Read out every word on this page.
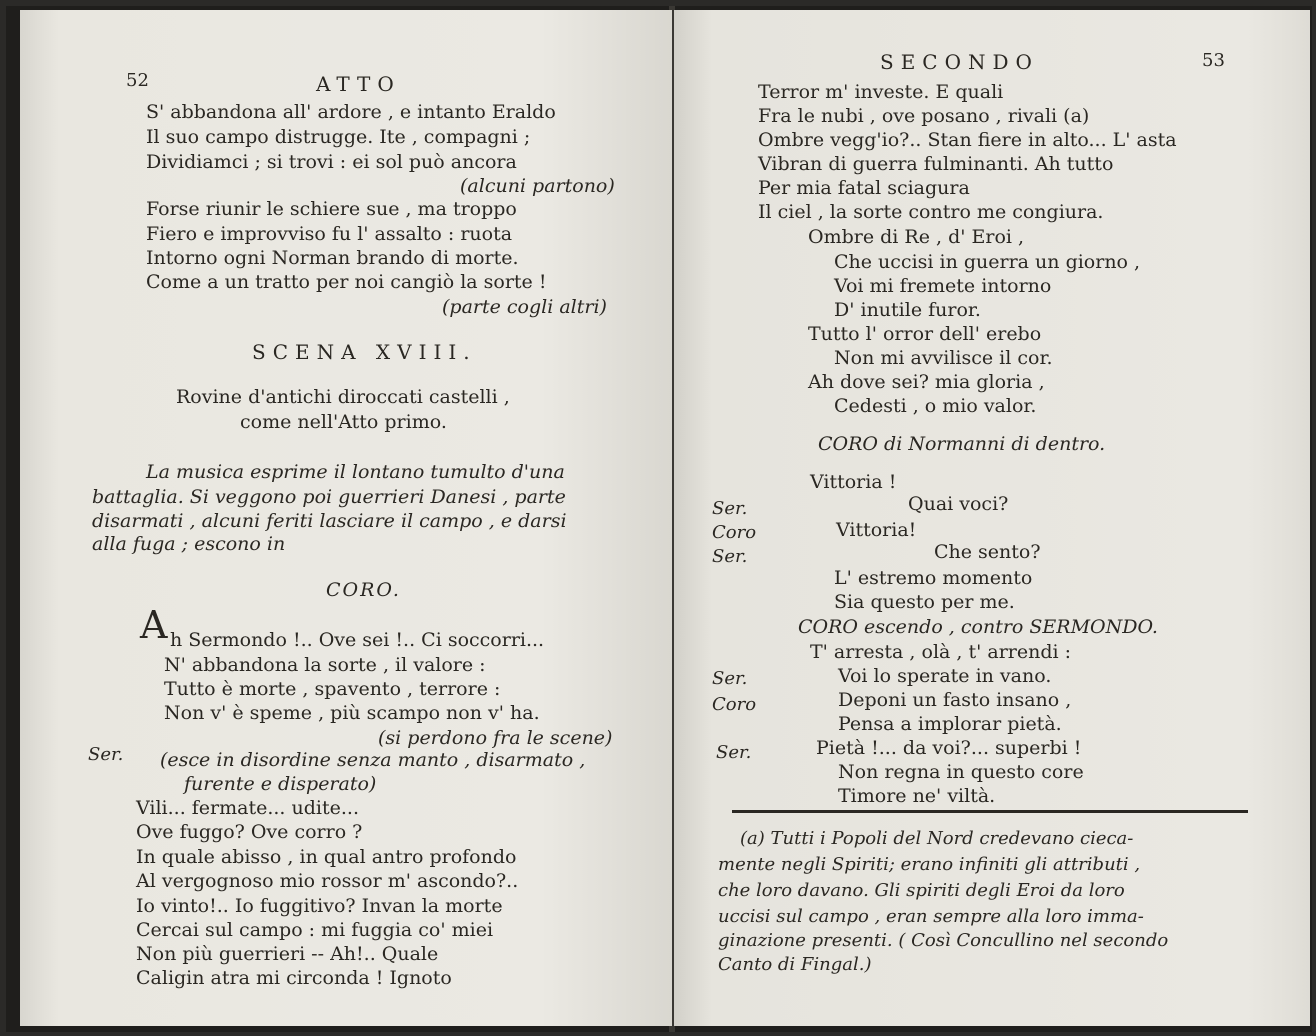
52	ATTO
S' abbandona all' ardore , e intanto Eraldo
Il suo campo distrugge. Ite , compagni ;
Dividiamci ; si trovi : ei sol può ancora
(alcuni partono)
Forse riunir le schiere sue , ma troppo
Fiero e improvviso fu l' assalto : ruota
Intorno ogni Norman brando di morte.
Come a un tratto per noi cangiò la sorte !
(parte cogli altri)
SCENA XVIII.
Rovine d'antichi diroccati castelli ,
come nell'Atto primo.
La musica esprime il lontano tumulto d'una
battaglia. Si veggono poi guerrieri Danesi , parte
disarmati , alcuni feriti lasciare il campo , e darsi
alla fuga ; escono in
CORO.
A h Sermondo !.. Ove sei !.. Ci soccorri...
N' abbandona la sorte , il valore :
Tutto è morte , spavento , terrore :
Non v' è speme , più scampo non v' ha.
(si perdono fra le scene)
Ser. (esce in disordine senza manto , disarmato ,
furente e disperato)
Vili... fermate... udite...
Ove fuggo? Ove corro ?
In quale abisso , in qual antro profondo
Al vergognoso mio rossor m' ascondo?..
Io vinto!.. Io fuggitivo? Invan la morte
Cercai sul campo : mi fuggia co' miei
Non più guerrieri -- Ah!.. Quale
Caligin atra mi circonda ! Ignoto
SECONDO	53
Terror m' investe. E quali
Fra le nubi , ove posano , rivali (a)
Ombre vegg'io?.. Stan fiere in alto... L' asta
Vibran di guerra fulminanti. Ah tutto
Per mia fatal sciagura
Il ciel , la sorte contro me congiura.
Ombre di Re , d' Eroi ,
Che uccisi in guerra un giorno ,
Voi mi fremete intorno
D' inutile furor.
Tutto l' orror dell' erebo
Non mi avvilisce il cor.
Ah dove sei? mia gloria ,
Cedesti , o mio valor.
CORO di Normanni di dentro.
Vittoria !
Ser.	Quai voci?
Coro	Vittoria!
Ser.	Che sento?
L' estremo momento
Sia questo per me.
CORO escendo , contro SERMONDO.
T' arresta , olà , t' arrendi :
Ser.	Voi lo sperate in vano.
Coro	Deponi un fasto insano ,
Pensa a implorar pietà.
Ser.	Pietà !... da voi?... superbi !
Non regna in questo core
Timore ne' viltà.
(a) Tutti i Popoli del Nord credevano cieca-
mente negli Spiriti; erano infiniti gli attributi ,
che loro davano. Gli spiriti degli Eroi da loro
uccisi sul campo , eran sempre alla loro imma-
ginazione presenti. ( Così Concullino nel secondo
Canto di Fingal.)
